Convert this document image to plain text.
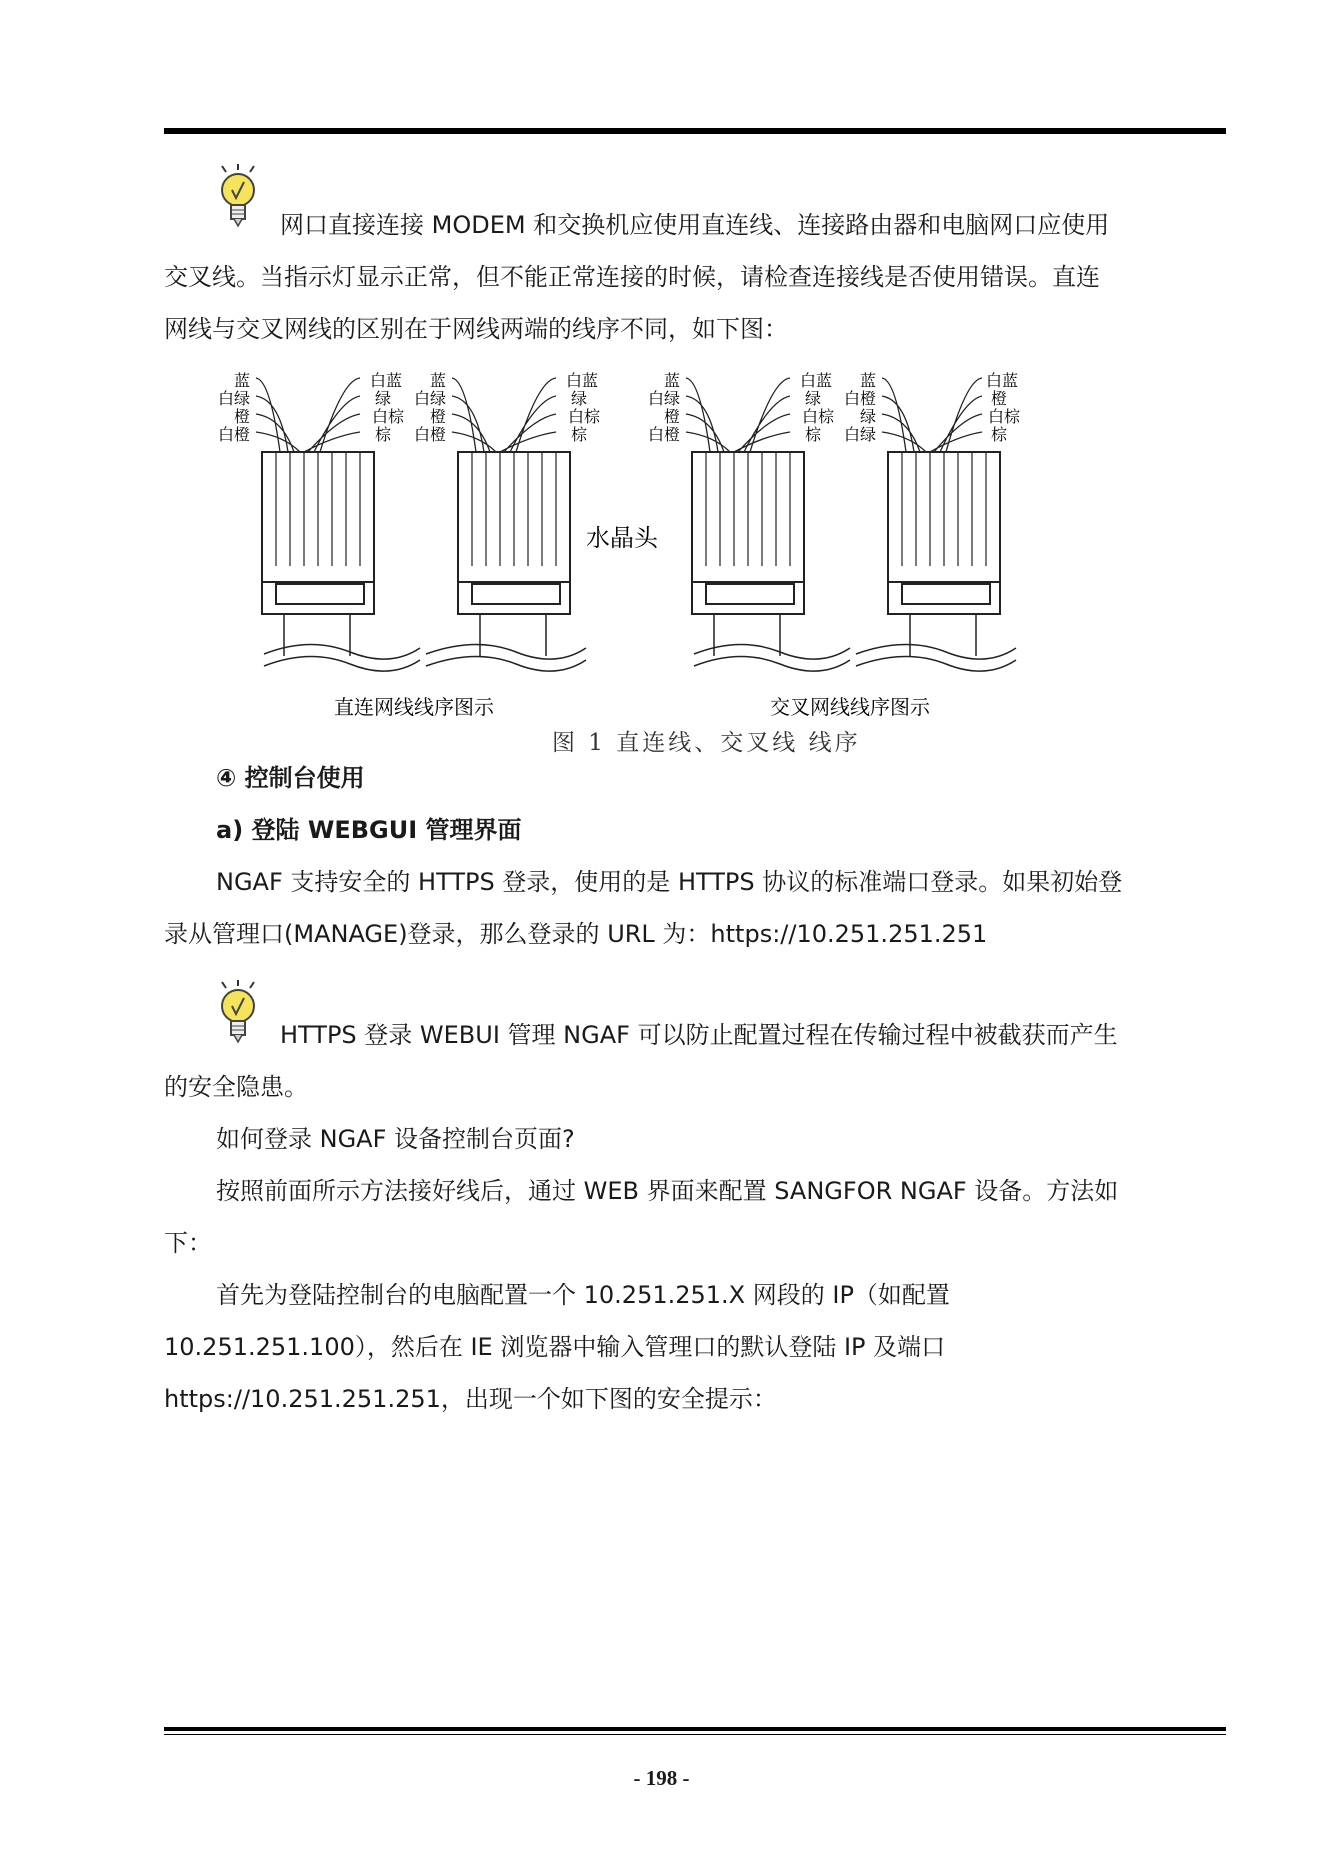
网口直接连接 MODEM 和交换机应使用直连线、连接路由器和电脑网口应使用
交叉线。当指示灯显示正常，但不能正常连接的时候，请检查连接线是否使用错误。直连
网线与交叉网线的区别在于网线两端的线序不同，如下图：
蓝
白绿
橙
白橙
白蓝
绿
白棕
棕
蓝
白绿
橙
白橙
白蓝
绿
白棕
棕
水晶头
蓝
白绿
橙
白橙
白蓝
绿
白棕
棕
蓝
白橙
绿
白绿
白蓝
橙
白棕
棕
直连网线线序图示	交叉网线线序图示
图 1 直连线、交叉线 线序
④ 控制台使用
a) 登陆 WEBGUI 管理界面
NGAF 支持安全的 HTTPS 登录，使用的是 HTTPS 协议的标准端口登录。如果初始登
录从管理口(MANAGE)登录，那么登录的 URL 为：https://10.251.251.251
HTTPS 登录 WEBUI 管理 NGAF 可以防止配置过程在传输过程中被截获而产生
的安全隐患。
如何登录 NGAF 设备控制台页面?
按照前面所示方法接好线后，通过 WEB 界面来配置 SANGFOR NGAF 设备。方法如
下：
首先为登陆控制台的电脑配置一个 10.251.251.X 网段的 IP（如配置
10.251.251.100），然后在 IE 浏览器中输入管理口的默认登陆 IP 及端口
https://10.251.251.251，出现一个如下图的安全提示：
- 198 -
